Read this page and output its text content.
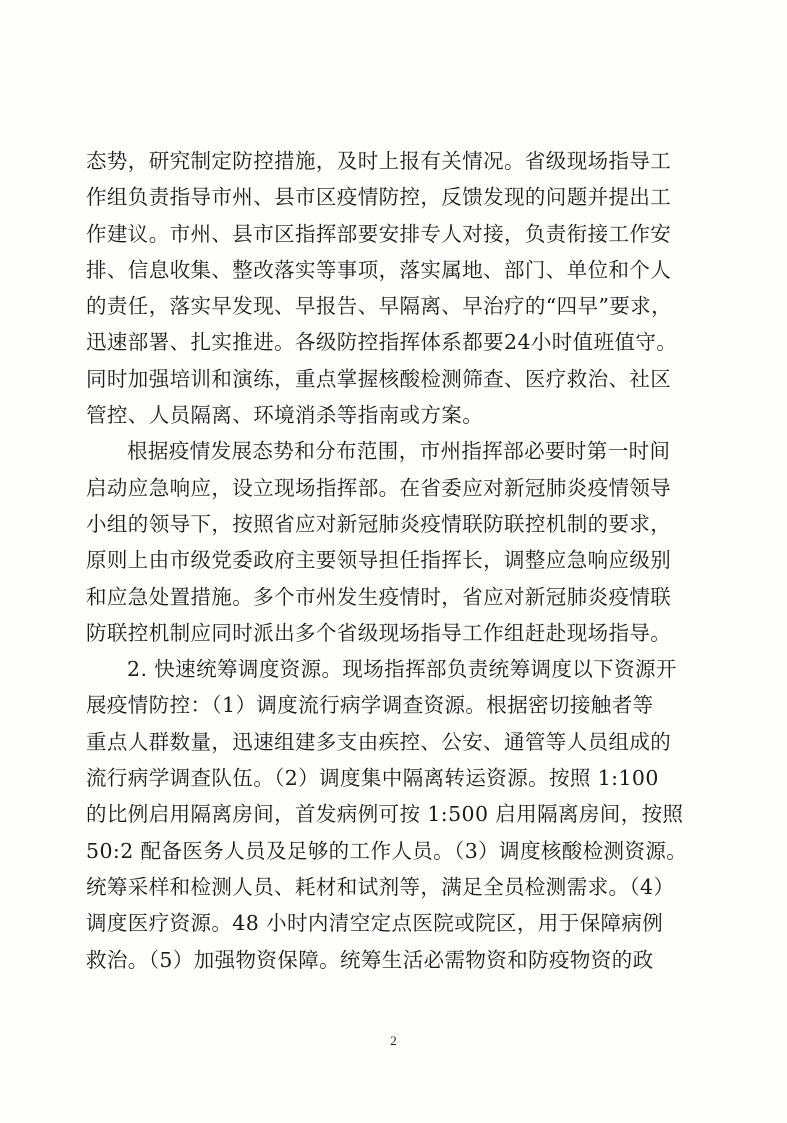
态势，研究制定防控措施，及时上报有关情况。省级现场指导工
作组负责指导市州、县市区疫情防控，反馈发现的问题并提出工
作建议。市州、县市区指挥部要安排专人对接，负责衔接工作安
排、信息收集、整改落实等事项，落实属地、部门、单位和个人
的责任，落实早发现、早报告、早隔离、早治疗的“四早”要求，
迅速部署、扎实推进。各级防控指挥体系都要24小时值班值守。
同时加强培训和演练，重点掌握核酸检测筛查、医疗救治、社区
管控、人员隔离、环境消杀等指南或方案。
根据疫情发展态势和分布范围，市州指挥部必要时第一时间
启动应急响应，设立现场指挥部。在省委应对新冠肺炎疫情领导
小组的领导下，按照省应对新冠肺炎疫情联防联控机制的要求，
原则上由市级党委政府主要领导担任指挥长，调整应急响应级别
和应急处置措施。多个市州发生疫情时，省应对新冠肺炎疫情联
防联控机制应同时派出多个省级现场指导工作组赶赴现场指导。
2. 快速统筹调度资源。现场指挥部负责统筹调度以下资源开
展疫情防控：（1）调度流行病学调查资源。根据密切接触者等
重点人群数量，迅速组建多支由疾控、公安、通管等人员组成的
流行病学调查队伍。（2）调度集中隔离转运资源。按照 1:100
的比例启用隔离房间，首发病例可按 1:500 启用隔离房间，按照
50:2 配备医务人员及足够的工作人员。（3）调度核酸检测资源。
统筹采样和检测人员、耗材和试剂等，满足全员检测需求。（4）
调度医疗资源。48 小时内清空定点医院或院区，用于保障病例
救治。（5）加强物资保障。统筹生活必需物资和防疫物资的政
2
